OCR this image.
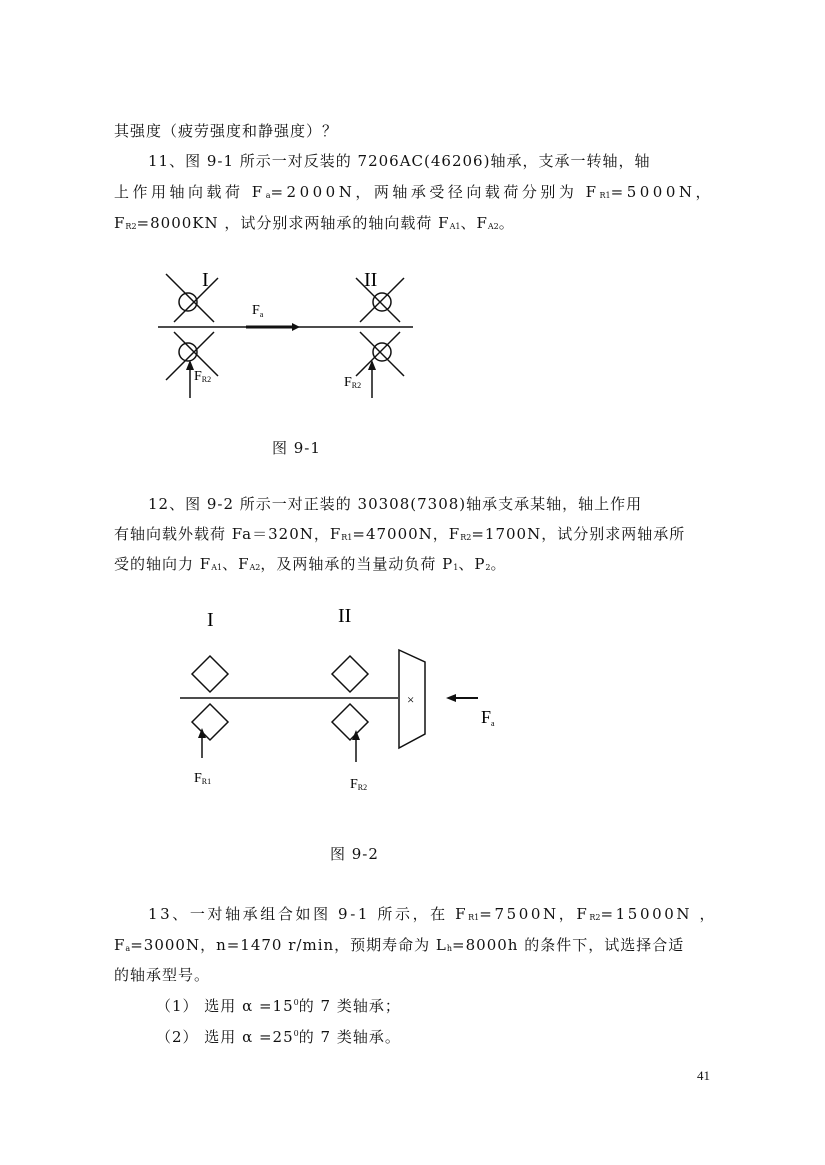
其强度（疲劳强度和静强度）？
11、图 9-1 所示一对反装的 7206AC(46206)轴承，支承一转轴，轴
上作用轴向载荷 $F_a=2000N$，两轴承受径向载荷分别为 $F_{R1}=5000N$，
$F_{R2}=8000KN$ ，试分别求两轴承的轴向载荷 $F_{A1}$、$F_{A2}$。
I	II
$F_a$
FR2	FR2
图 9-1
12、图 9-2 所示一对正装的 30308(7308)轴承支承某轴，轴上作用
有轴向载外载荷 Fa＝320N，$F_{R1}=47000N$，$F_{R2}=1700N$，试分别求两轴承所
受的轴向力 $F_{A1}$、$F_{A2}$，及两轴承的当量动负荷 $P_1$、$P_2$。
×
I	II
Fa
FR1	FR2
图 9-2
13、一对轴承组合如图 9-1 所示，在 $F_{R1}=7500N$，$F_{R2}=15000N$ ，
$F_a=3000N$，n=1470 r/min，预期寿命为 $L_h=8000h$ 的条件下，试选择合适
的轴承型号。
（1） 选用 $\alpha =15^0$的 7 类轴承；
（2） 选用 $\alpha =25^0$的 7 类轴承。
41
